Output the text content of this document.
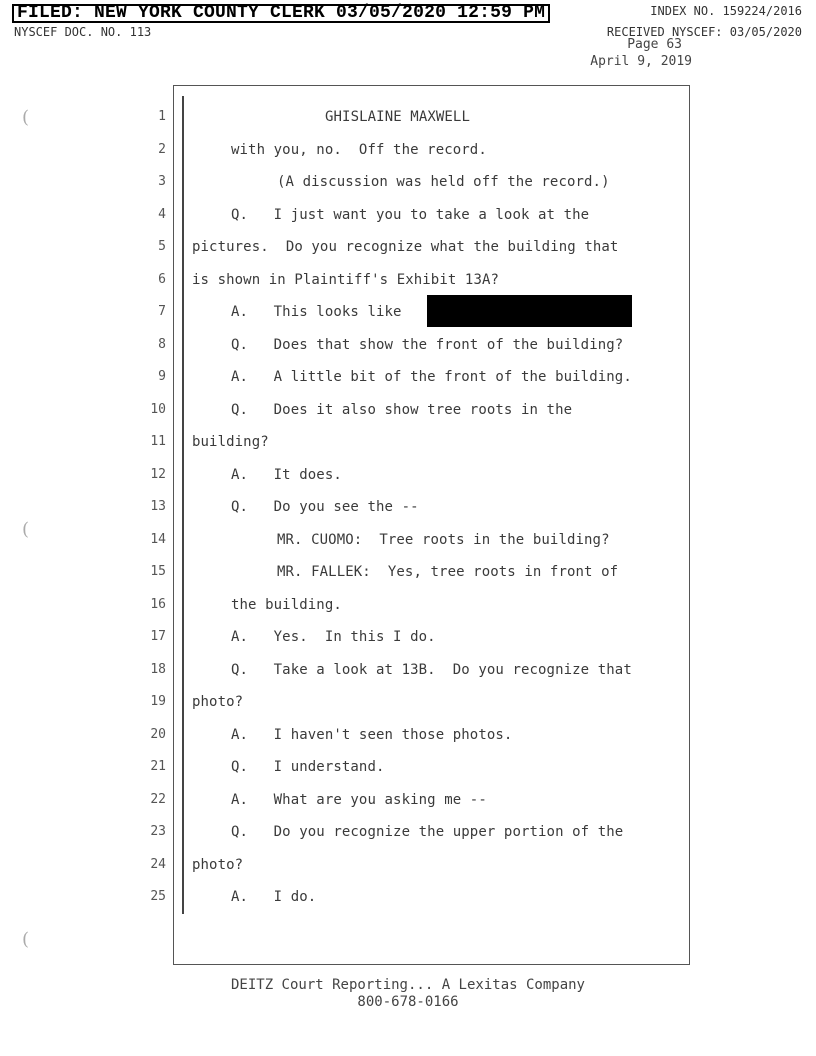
FILED: NEW YORK COUNTY CLERK 03/05/2020 12:59 PM	INDEX NO. 159224/2016
NYSCEF DOC. NO. 113	RECEIVED NYSCEF: 03/05/2020
Page 63
April 9, 2019
(
(
(
1	GHISLAINE MAXWELL
2	with you, no.  Off the record.
3	(A discussion was held off the record.)
4	Q.   I just want you to take a look at the
5 pictures.  Do you recognize what the building that
6 is shown in Plaintiff's Exhibit 13A?
7	A.   This looks like
8	Q.   Does that show the front of the building?
9	A.   A little bit of the front of the building.
10	Q.   Does it also show tree roots in the
11 building?
12	A.   It does.
13	Q.   Do you see the --
14	MR. CUOMO:  Tree roots in the building?
15	MR. FALLEK:  Yes, tree roots in front of
16	the building.
17	A.   Yes.  In this I do.
18	Q.   Take a look at 13B.  Do you recognize that
19 photo?
20	A.   I haven't seen those photos.
21	Q.   I understand.
22	A.   What are you asking me --
23	Q.   Do you recognize the upper portion of the
24 photo?
25	A.   I do.
DEITZ Court Reporting... A Lexitas Company
800-678-0166
